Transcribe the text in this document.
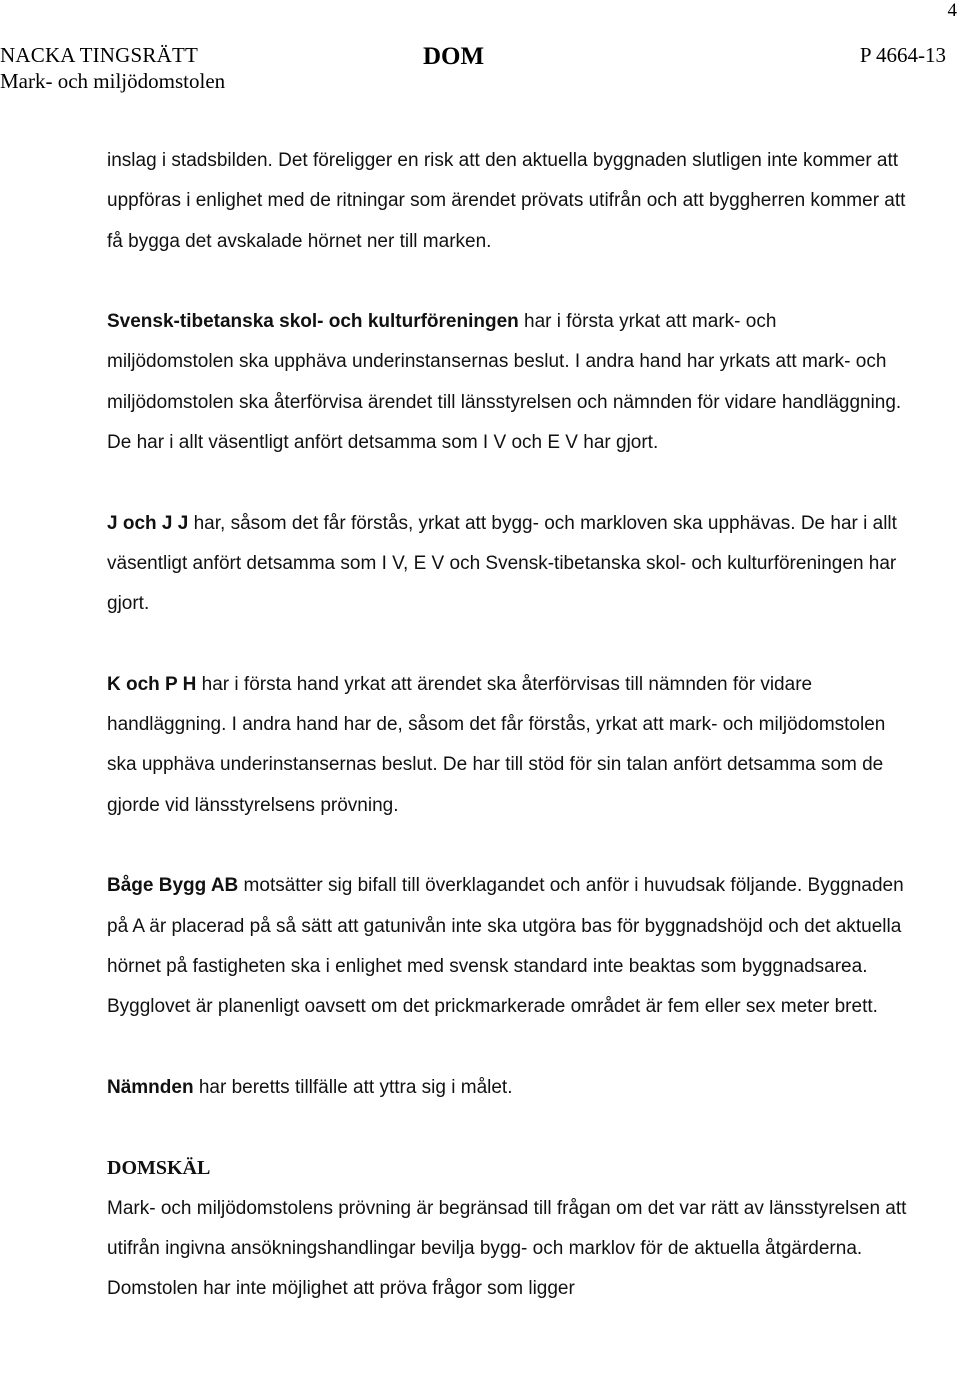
4
NACKA TINGSRÄTT
Mark- och miljödomstolen
DOM	P 4664-13

inslag i stadsbilden. Det föreligger en risk att den aktuella byggnaden slutligen inte kommer att uppföras i enlighet med de ritningar som ärendet prövats utifrån och att byggherren kommer att få bygga det avskalade hörnet ner till marken.

Svensk-tibetanska skol- och kulturföreningen har i första yrkat att mark- och miljödomstolen ska upphäva underinstansernas beslut. I andra hand har yrkats att mark- och miljödomstolen ska återförvisa ärendet till länsstyrelsen och nämnden för vidare handläggning. De har i allt väsentligt anfört detsamma som I V och E V har gjort.

J och J J har, såsom det får förstås, yrkat att bygg- och markloven ska upphävas. De har i allt väsentligt anfört detsamma som I V, E V och Svensk-tibetanska skol- och kulturföreningen har gjort.

K och P H har i första hand yrkat att ärendet ska återförvisas till nämnden för vidare handläggning. I andra hand har de, såsom det får förstås, yrkat att mark- och miljödomstolen ska upphäva underinstansernas beslut. De har till stöd för sin talan anfört detsamma som de gjorde vid länsstyrelsens prövning.

Båge Bygg AB motsätter sig bifall till överklagandet och anför i huvudsak följande. Byggnaden på A är placerad på så sätt att gatunivån inte ska utgöra bas för byggnadshöjd och det aktuella hörnet på fastigheten ska i enlighet med svensk standard inte beaktas som byggnadsarea. Bygglovet är planenligt oavsett om det prickmarkerade området är fem eller sex meter brett.

Nämnden har beretts tillfälle att yttra sig i målet.

DOMSKÄL

Mark- och miljödomstolens prövning är begränsad till frågan om det var rätt av länsstyrelsen att utifrån ingivna ansökningshandlingar bevilja bygg- och marklov för de aktuella åtgärderna. Domstolen har inte möjlighet att pröva frågor som ligger
